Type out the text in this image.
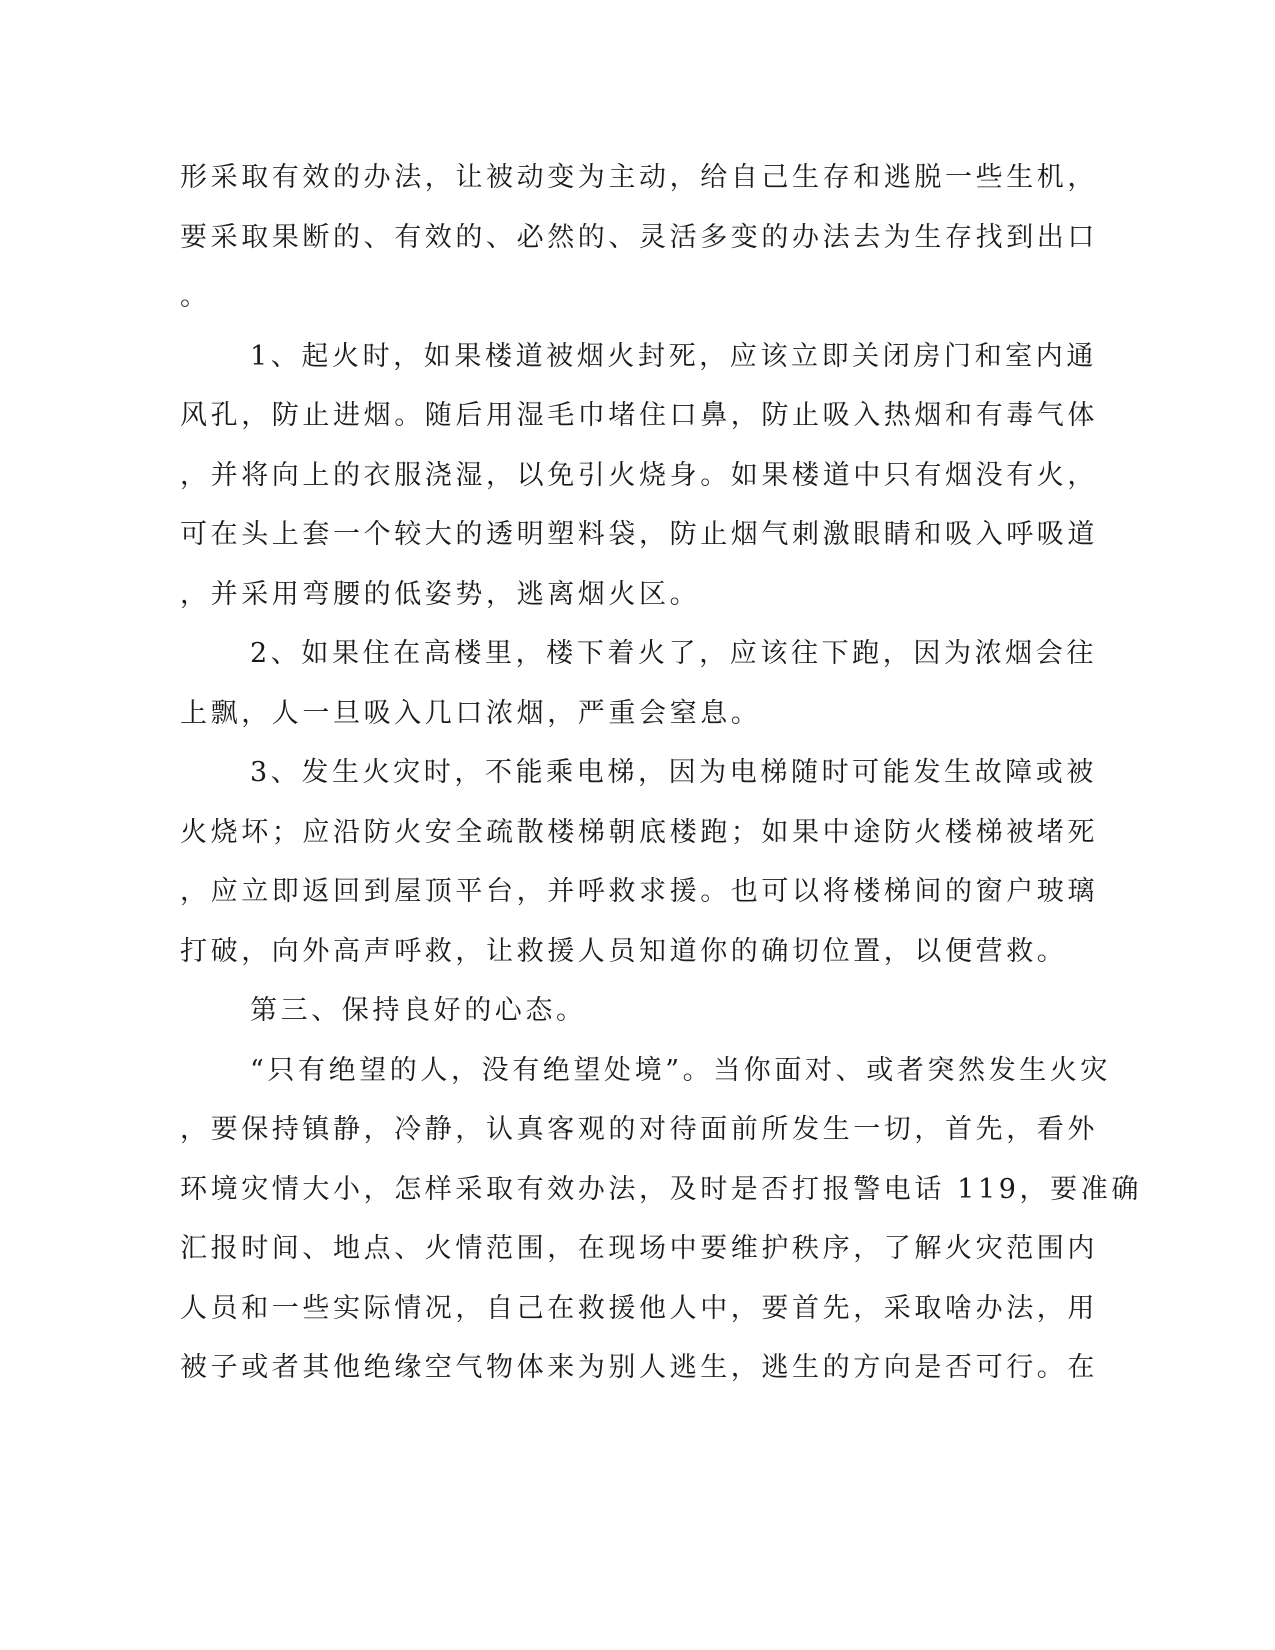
形采取有效的办法，让被动变为主动，给自己生存和逃脱一些生机，
要采取果断的、有效的、必然的、灵活多变的办法去为生存找到出口
。
1、起火时，如果楼道被烟火封死，应该立即关闭房门和室内通
风孔，防止进烟。随后用湿毛巾堵住口鼻，防止吸入热烟和有毒气体
，并将向上的衣服浇湿，以免引火烧身。如果楼道中只有烟没有火，
可在头上套一个较大的透明塑料袋，防止烟气刺激眼睛和吸入呼吸道
，并采用弯腰的低姿势，逃离烟火区。
2、如果住在高楼里，楼下着火了，应该往下跑，因为浓烟会往
上飘，人一旦吸入几口浓烟，严重会窒息。
3、发生火灾时，不能乘电梯，因为电梯随时可能发生故障或被
火烧坏；应沿防火安全疏散楼梯朝底楼跑；如果中途防火楼梯被堵死
，应立即返回到屋顶平台，并呼救求援。也可以将楼梯间的窗户玻璃
打破，向外高声呼救，让救援人员知道你的确切位置，以便营救。
第三、保持良好的心态。
“只有绝望的人，没有绝望处境”。当你面对、或者突然发生火灾
，要保持镇静，冷静，认真客观的对待面前所发生一切，首先，看外
环境灾情大小，怎样采取有效办法，及时是否打报警电话 119，要准确
汇报时间、地点、火情范围，在现场中要维护秩序，了解火灾范围内
人员和一些实际情况，自己在救援他人中，要首先，采取啥办法，用
被子或者其他绝缘空气物体来为别人逃生，逃生的方向是否可行。在
